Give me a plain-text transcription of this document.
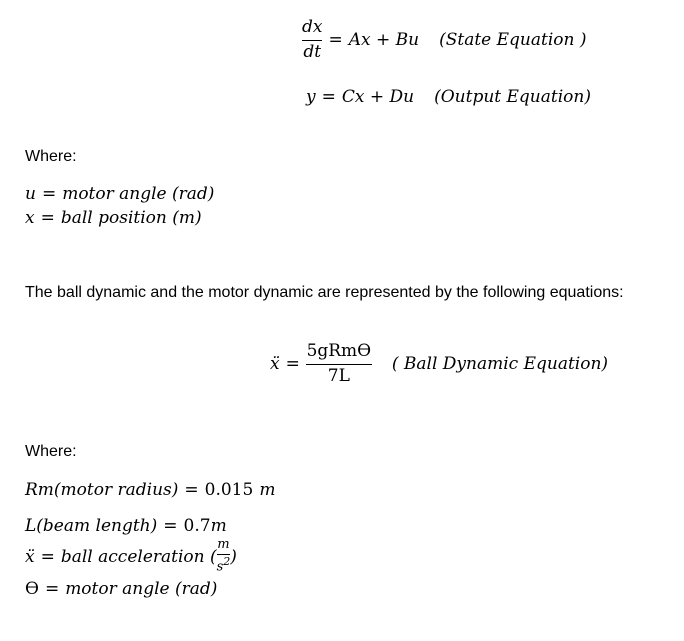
$\frac{dx}{dt} = Ax + Bu$ (State Equation )
y = Cx + Du (Output Equation)
Where:
u = motor angle (rad)
x = ball position (m)
The ball dynamic and the motor dynamic are represented by the following equations:
ẍ = $\frac{\text{5gRmϴ}}{7L}$ ( Ball Dynamic Equation)
Where:
Rm(motor radius) = 0.015 m
L(beam length) = 0.7 m
ẍ = ball acceleration ( $\frac{m}{s^2}$ )
ϴ = motor angle (rad)
